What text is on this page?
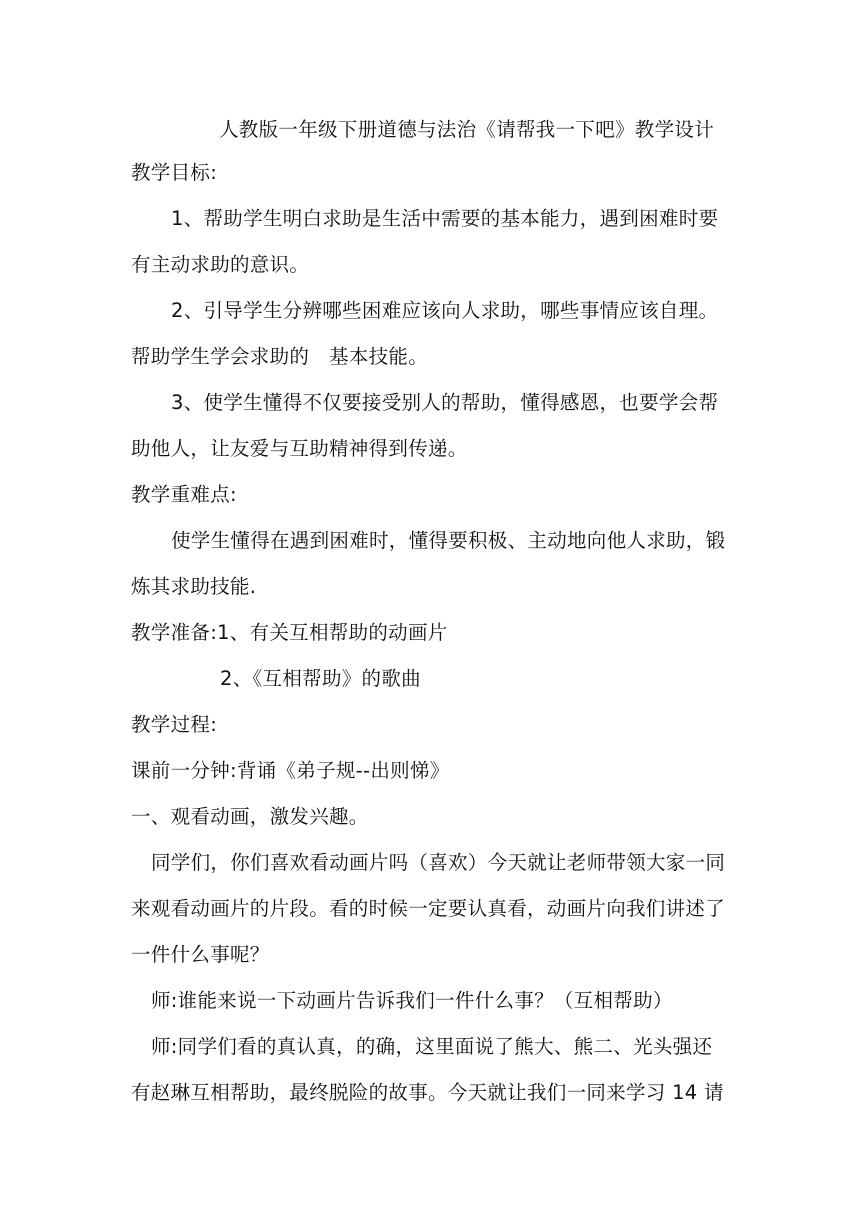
人教版一年级下册道德与法治《请帮我一下吧》教学设计
教学目标:
1、帮助学生明白求助是生活中需要的基本能力，遇到困难时要
有主动求助的意识。
2、引导学生分辨哪些困难应该向人求助，哪些事情应该自理。
帮助学生学会求助的　基本技能。
3、使学生懂得不仅要接受别人的帮助，懂得感恩，也要学会帮
助他人，让友爱与互助精神得到传递。
教学重难点:
使学生懂得在遇到困难时，懂得要积极、主动地向他人求助，锻
炼其求助技能.
教学准备:1、有关互相帮助的动画片
2、《互相帮助》的歌曲
教学过程:
课前一分钟:背诵《弟子规--出则悌》
一、观看动画，激发兴趣。
同学们，你们喜欢看动画片吗（喜欢）今天就让老师带领大家一同
来观看动画片的片段。看的时候一定要认真看，动画片向我们讲述了
一件什么事呢？
师:谁能来说一下动画片告诉我们一件什么事？（互相帮助）
师:同学们看的真认真，的确，这里面说了熊大、熊二、光头强还
有赵琳互相帮助，最终脱险的故事。今天就让我们一同来学习 14 请
